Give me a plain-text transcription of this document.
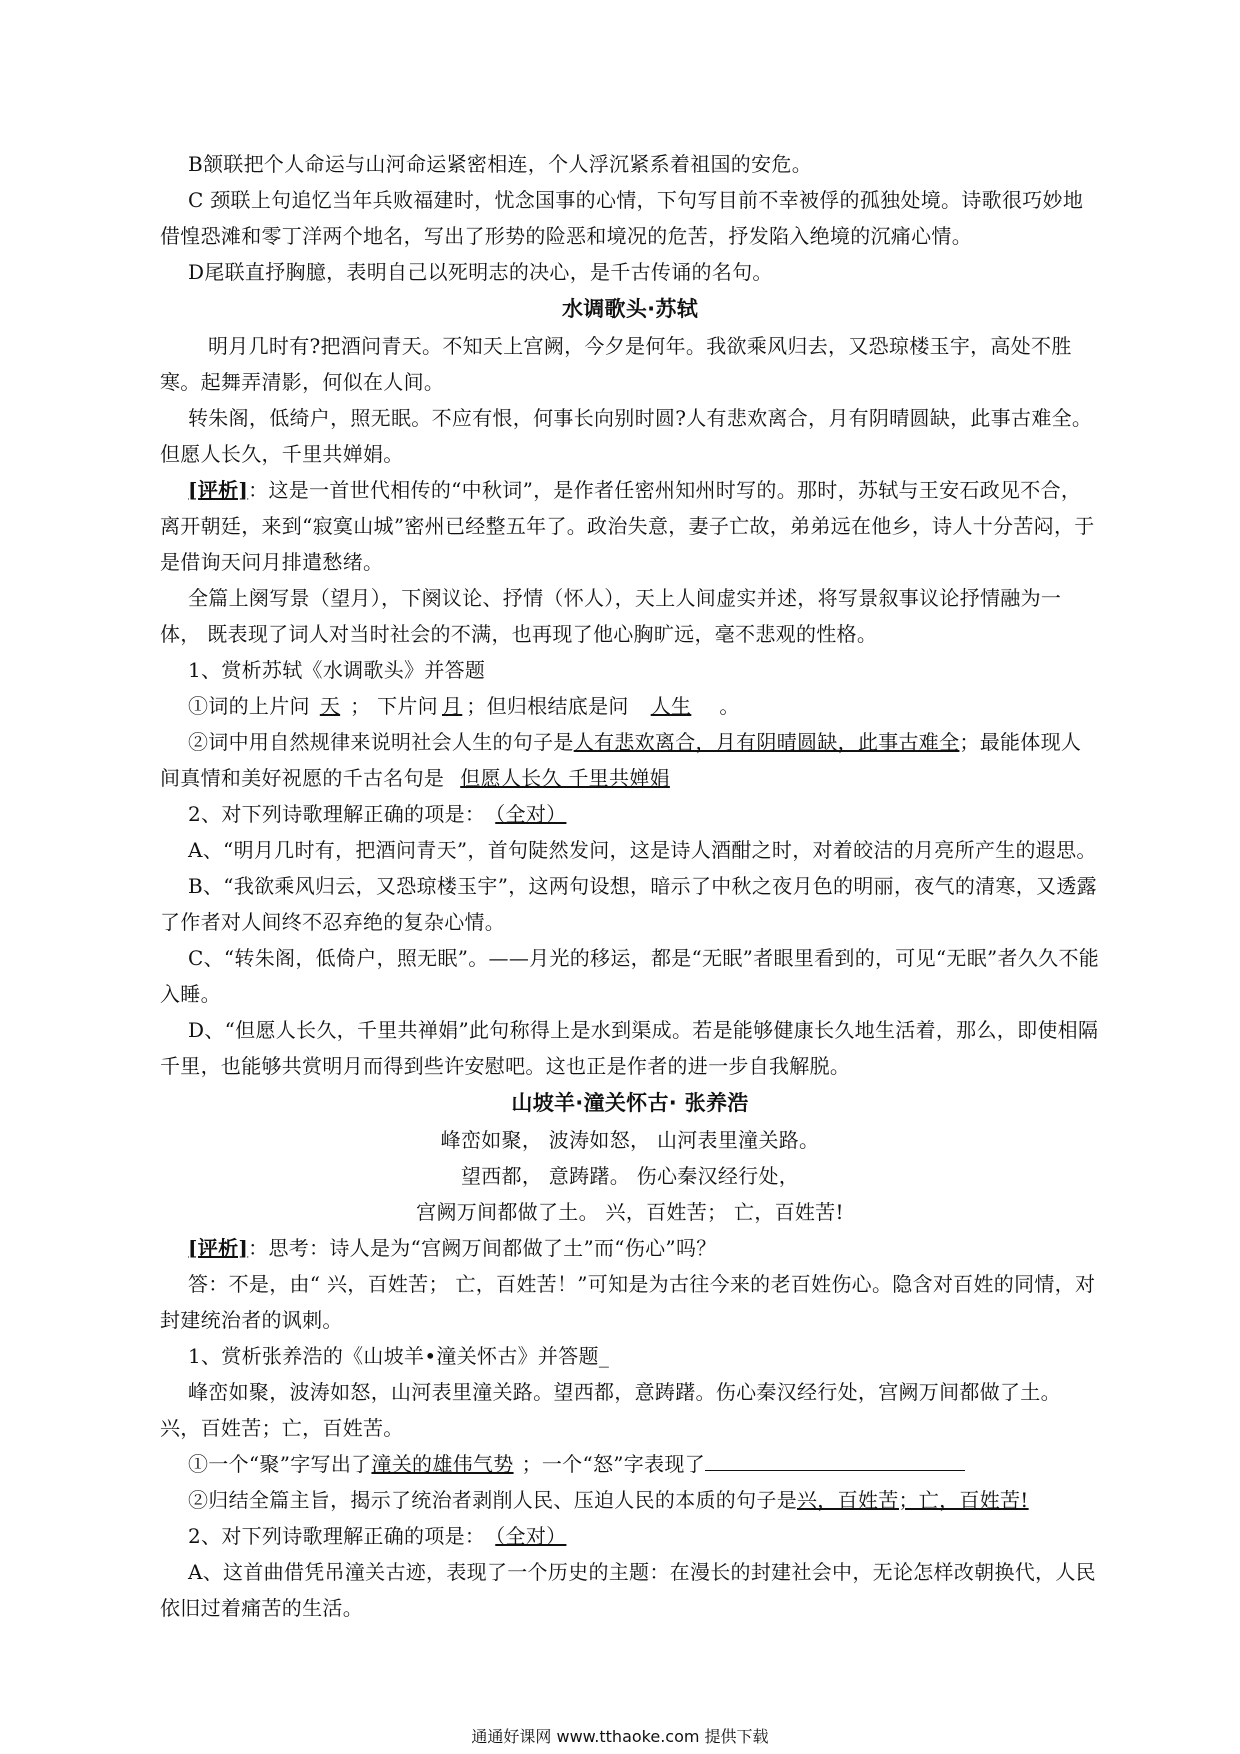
B颔联把个人命运与山河命运紧密相连，个人浮沉紧系着祖国的安危。

C 颈联上句追忆当年兵败福建时，忧念国事的心情，下句写目前不幸被俘的孤独处境。诗歌很巧妙地借惶恐滩和零丁洋两个地名，写出了形势的险恶和境况的危苦，抒发陷入绝境的沉痛心情。

D尾联直抒胸臆，表明自己以死明志的决心，是千古传诵的名句。

水调歌头·苏轼

明月几时有?把酒问青天。不知天上宫阙，今夕是何年。我欲乘风归去，又恐琼楼玉宇，高处不胜寒。起舞弄清影，何似在人间。

转朱阁，低绮户，照无眠。不应有恨，何事长向别时圆?人有悲欢离合，月有阴晴圆缺，此事古难全。但愿人长久，千里共婵娟。

[评析]：这是一首世代相传的“中秋词”，是作者任密州知州时写的。那时，苏轼与王安石政见不合，离开朝廷，来到“寂寞山城”密州已经整五年了。政治失意，妻子亡故，弟弟远在他乡，诗人十分苦闷，于是借询天问月排遣愁绪。

全篇上阕写景（望月），下阕议论、抒情（怀人），天上人间虚实并述，将写景叙事议论抒情融为一体， 既表现了词人对当时社会的不满，也再现了他心胸旷远，毫不悲观的性格。

1、赏析苏轼《水调歌头》并答题

①词的上片问 天 ； 下片问 月 ；但归根结底是问 人生 。

②词中用自然规律来说明社会人生的句子是人有悲欢离合，月有阴晴圆缺，此事古难全；最能体现人间真情和美好祝愿的千古名句是 但愿人长久 千里共婵娟

2、对下列诗歌理解正确的项是： （全对）

A、“明月几时有，把酒问青天”，首句陡然发问，这是诗人酒酣之时，对着皎洁的月亮所产生的遐思。

B、“我欲乘风归云，又恐琼楼玉宇”，这两句设想，暗示了中秋之夜月色的明丽，夜气的清寒，又透露了作者对人间终不忍弃绝的复杂心情。

C、“转朱阁，低倚户，照无眠”。——月光的移运，都是“无眠”者眼里看到的，可见“无眠”者久久不能入睡。

D、“但愿人长久，千里共禅娟”此句称得上是水到渠成。若是能够健康长久地生活着，那么，即使相隔千里，也能够共赏明月而得到些许安慰吧。这也正是作者的进一步自我解脱。

山坡羊·潼关怀古· 张养浩

峰峦如聚， 波涛如怒， 山河表里潼关路。

望西都， 意踌躇。 伤心秦汉经行处，

宫阙万间都做了土。 兴，百姓苦； 亡，百姓苦!

[评析]：思考：诗人是为“宫阙万间都做了土”而“伤心”吗？

答：不是，由“ 兴，百姓苦； 亡，百姓苦！”可知是为古往今来的老百姓伤心。隐含对百姓的同情，对封建统治者的讽刺。

1、赏析张养浩的《山坡羊•潼关怀古》并答题_

峰峦如聚，波涛如怒，山河表里潼关路。望西都，意踌躇。伤心秦汉经行处，宫阙万间都做了土。兴，百姓苦；亡，百姓苦。

①一个“聚”字写出了潼关的雄伟气势 ；一个“怒”字表现了

②归结全篇主旨，揭示了统治者剥削人民、压迫人民的本质的句子是兴，百姓苦；亡，百姓苦!

2、对下列诗歌理解正确的项是： （全对）

A、这首曲借凭吊潼关古迹，表现了一个历史的主题：在漫长的封建社会中，无论怎样改朝换代，人民依旧过着痛苦的生活。

通通好课网 www.tthaoke.com 提供下载
